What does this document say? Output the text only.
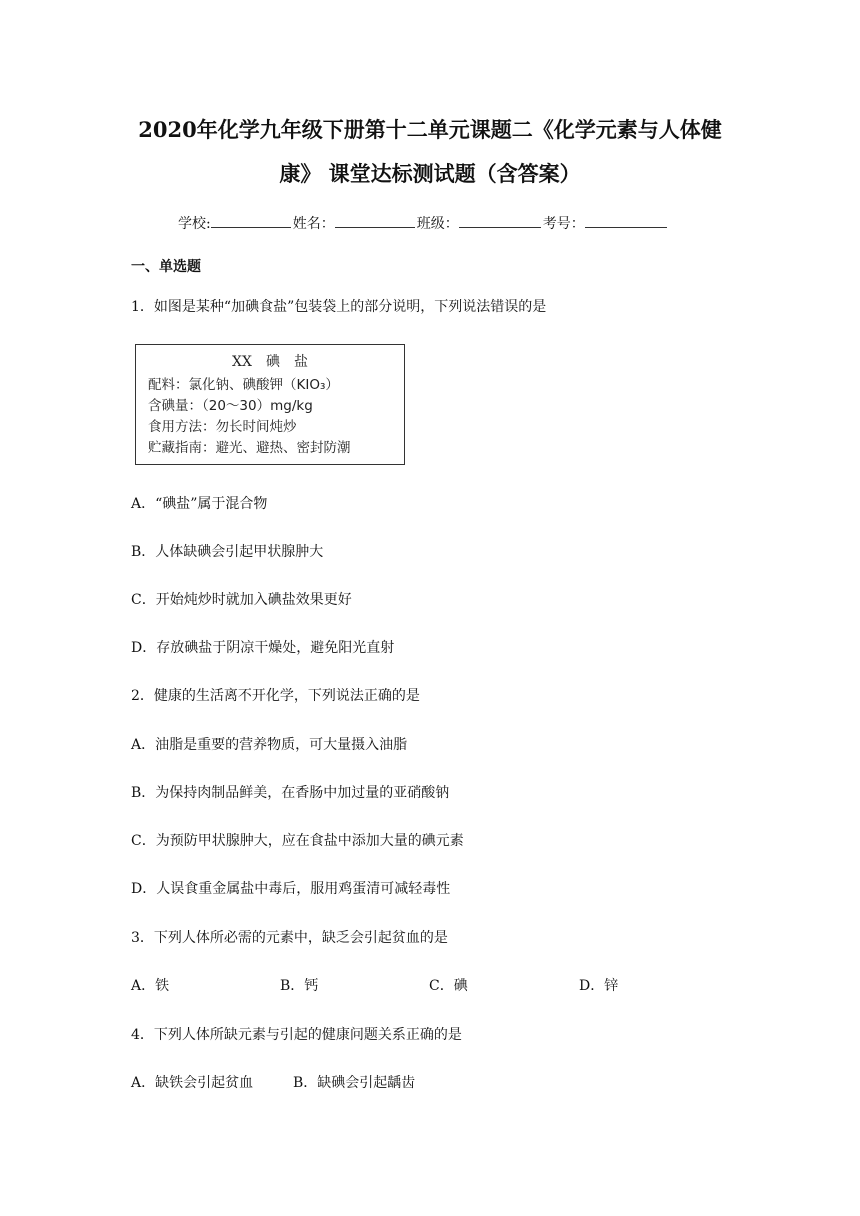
2020年化学九年级下册第十二单元课题二《化学元素与人体健
康》 课堂达标测试题（含答案）
学校:	姓名：	班级：	考号：
一、单选题
1．如图是某种“加碘食盐”包装袋上的部分说明，下列说法错误的是
XX　碘　盐
配料：氯化钠、碘酸钾（KIO₃）
含碘量：（20～30）mg/kg
食用方法：勿长时间炖炒
贮藏指南：避光、避热、密封防潮
A．“碘盐”属于混合物
B．人体缺碘会引起甲状腺肿大
C．开始炖炒时就加入碘盐效果更好
D．存放碘盐于阴凉干燥处，避免阳光直射
2．健康的生活离不开化学，下列说法正确的是
A．油脂是重要的营养物质，可大量摄入油脂
B．为保持肉制品鲜美，在香肠中加过量的亚硝酸钠
C．为预防甲状腺肿大，应在食盐中添加大量的碘元素
D．人误食重金属盐中毒后，服用鸡蛋清可减轻毒性
3．下列人体所必需的元素中，缺乏会引起贫血的是
A．铁	B．钙	C．碘	D．锌
4．下列人体所缺元素与引起的健康问题关系正确的是
A．缺铁会引起贫血	B．缺碘会引起龋齿
